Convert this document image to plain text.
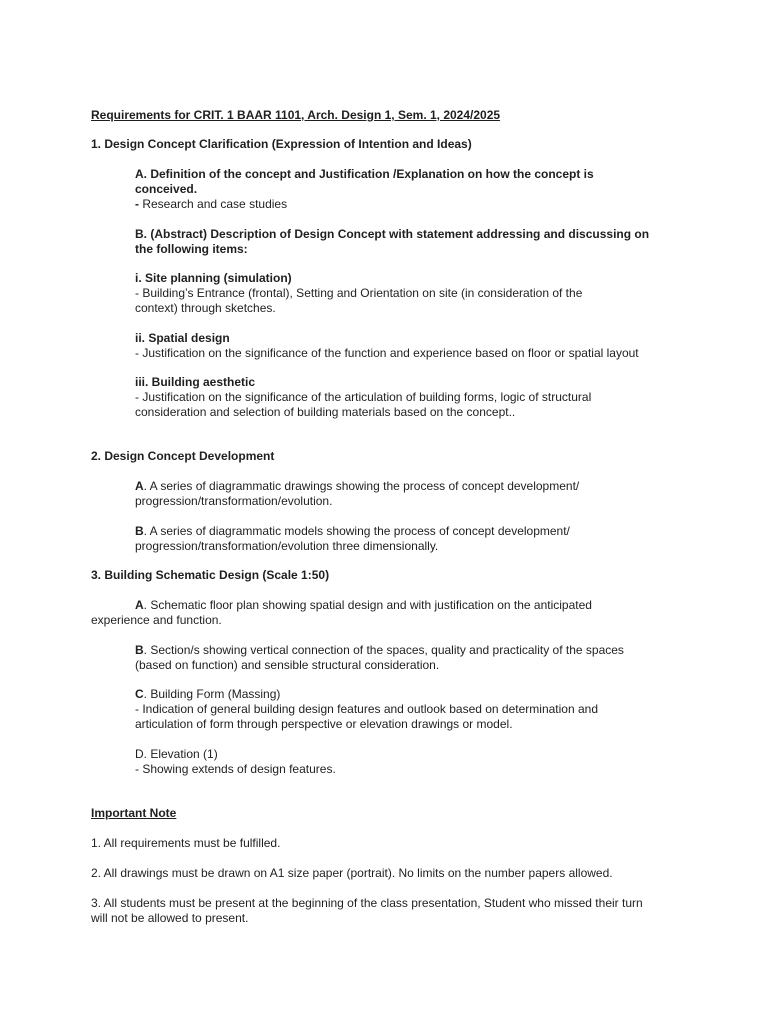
Requirements for CRIT. 1 BAAR 1101, Arch. Design 1, Sem. 1, 2024/2025
1. Design Concept Clarification (Expression of Intention and Ideas)
A. Definition of the concept and Justification /Explanation on how the concept is
conceived.
- Research and case studies
B. (Abstract) Description of Design Concept with statement addressing and discussing on
the following items:
i. Site planning (simulation)
- Building’s Entrance (frontal), Setting and Orientation on site (in consideration of the
context) through sketches.
ii. Spatial design
- Justification on the significance of the function and experience based on floor or spatial layout
iii. Building aesthetic
- Justification on the significance of the articulation of building forms, logic of structural
consideration and selection of building materials based on the concept..
2. Design Concept Development
A. A series of diagrammatic drawings showing the process of concept development/
progression/transformation/evolution.
B. A series of diagrammatic models showing the process of concept development/
progression/transformation/evolution three dimensionally.
3. Building Schematic Design (Scale 1:50)
A. Schematic floor plan showing spatial design and with justification on the anticipated
experience and function.
B. Section/s showing vertical connection of the spaces, quality and practicality of the spaces
(based on function) and sensible structural consideration.
C. Building Form (Massing)
- Indication of general building design features and outlook based on determination and
articulation of form through perspective or elevation drawings or model.
D. Elevation (1)
- Showing extends of design features.
Important Note
1. All requirements must be fulfilled.
2. All drawings must be drawn on A1 size paper (portrait). No limits on the number papers allowed.
3. All students must be present at the beginning of the class presentation, Student who missed their turn
will not be allowed to present.
